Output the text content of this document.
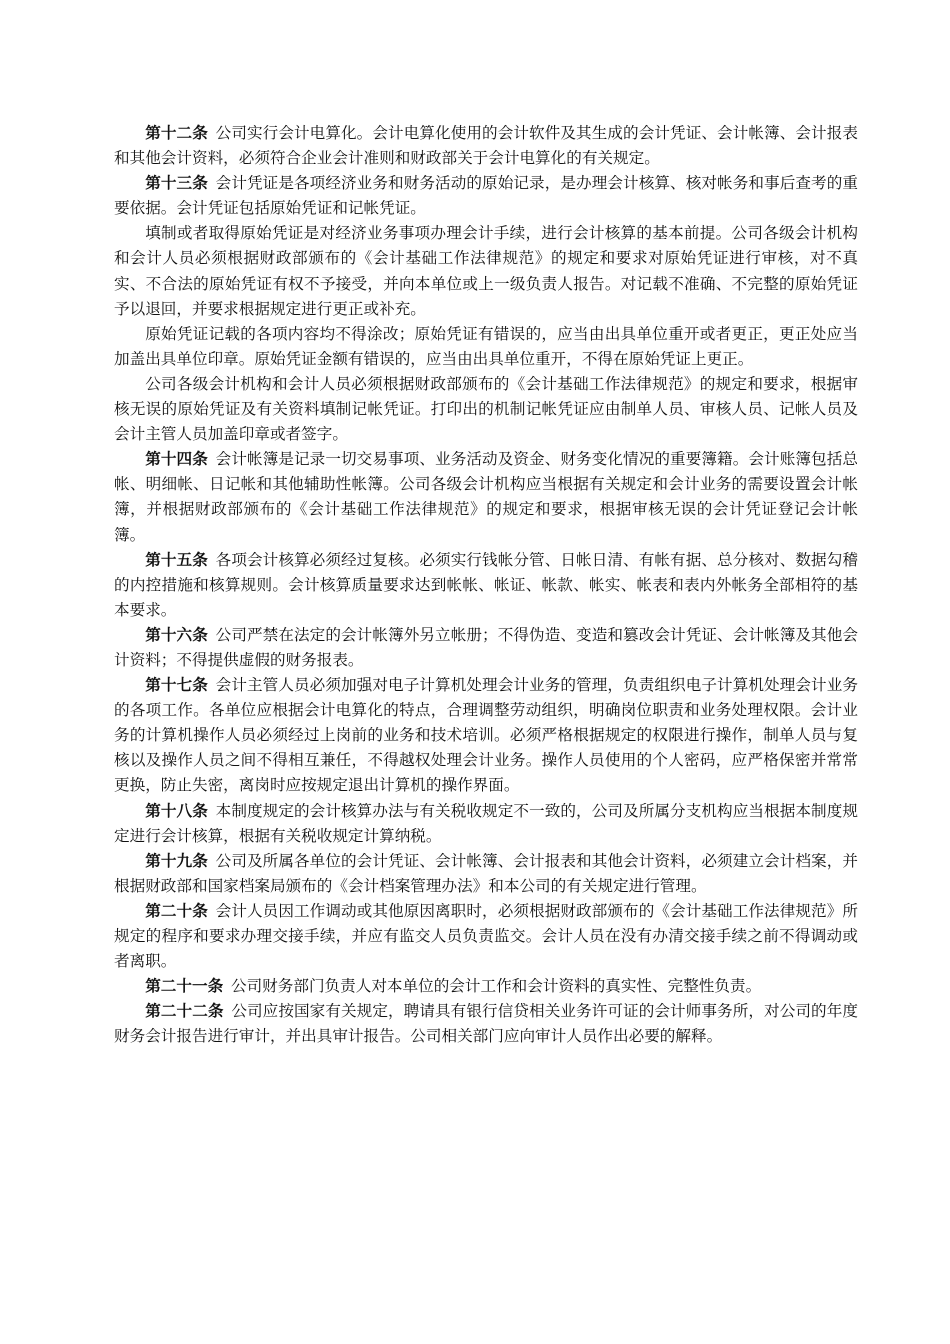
第十二条 公司实行会计电算化。会计电算化使用的会计软件及其生成的会计凭证、会计帐簿、会计报表和其他会计资料，必须符合企业会计准则和财政部关于会计电算化的有关规定。

第十三条 会计凭证是各项经济业务和财务活动的原始记录，是办理会计核算、核对帐务和事后查考的重要依据。会计凭证包括原始凭证和记帐凭证。

填制或者取得原始凭证是对经济业务事项办理会计手续，进行会计核算的基本前提。公司各级会计机构和会计人员必须根据财政部颁布的《会计基础工作法律规范》的规定和要求对原始凭证进行审核，对不真实、不合法的原始凭证有权不予接受，并向本单位或上一级负责人报告。对记载不准确、不完整的原始凭证予以退回，并要求根据规定进行更正或补充。

原始凭证记载的各项内容均不得涂改；原始凭证有错误的，应当由出具单位重开或者更正，更正处应当加盖出具单位印章。原始凭证金额有错误的，应当由出具单位重开，不得在原始凭证上更正。

公司各级会计机构和会计人员必须根据财政部颁布的《会计基础工作法律规范》的规定和要求，根据审核无误的原始凭证及有关资料填制记帐凭证。打印出的机制记帐凭证应由制单人员、审核人员、记帐人员及会计主管人员加盖印章或者签字。

第十四条 会计帐簿是记录一切交易事项、业务活动及资金、财务变化情况的重要簿籍。会计账簿包括总帐、明细帐、日记帐和其他辅助性帐簿。公司各级会计机构应当根据有关规定和会计业务的需要设置会计帐簿，并根据财政部颁布的《会计基础工作法律规范》的规定和要求，根据审核无误的会计凭证登记会计帐簿。

第十五条 各项会计核算必须经过复核。必须实行钱帐分管、日帐日清、有帐有据、总分核对、数据勾稽的内控措施和核算规则。会计核算质量要求达到帐帐、帐证、帐款、帐实、帐表和表内外帐务全部相符的基本要求。

第十六条 公司严禁在法定的会计帐簿外另立帐册；不得伪造、变造和篡改会计凭证、会计帐簿及其他会计资料；不得提供虚假的财务报表。

第十七条 会计主管人员必须加强对电子计算机处理会计业务的管理，负责组织电子计算机处理会计业务的各项工作。各单位应根据会计电算化的特点，合理调整劳动组织，明确岗位职责和业务处理权限。会计业务的计算机操作人员必须经过上岗前的业务和技术培训。必须严格根据规定的权限进行操作，制单人员与复核以及操作人员之间不得相互兼任，不得越权处理会计业务。操作人员使用的个人密码，应严格保密并常常更换，防止失密，离岗时应按规定退出计算机的操作界面。

第十八条 本制度规定的会计核算办法与有关税收规定不一致的，公司及所属分支机构应当根据本制度规定进行会计核算，根据有关税收规定计算纳税。

第十九条 公司及所属各单位的会计凭证、会计帐簿、会计报表和其他会计资料，必须建立会计档案，并根据财政部和国家档案局颁布的《会计档案管理办法》和本公司的有关规定进行管理。

第二十条 会计人员因工作调动或其他原因离职时，必须根据财政部颁布的《会计基础工作法律规范》所规定的程序和要求办理交接手续，并应有监交人员负责监交。会计人员在没有办清交接手续之前不得调动或者离职。

第二十一条 公司财务部门负责人对本单位的会计工作和会计资料的真实性、完整性负责。

第二十二条 公司应按国家有关规定，聘请具有银行信贷相关业务许可证的会计师事务所，对公司的年度财务会计报告进行审计，并出具审计报告。公司相关部门应向审计人员作出必要的解释。
